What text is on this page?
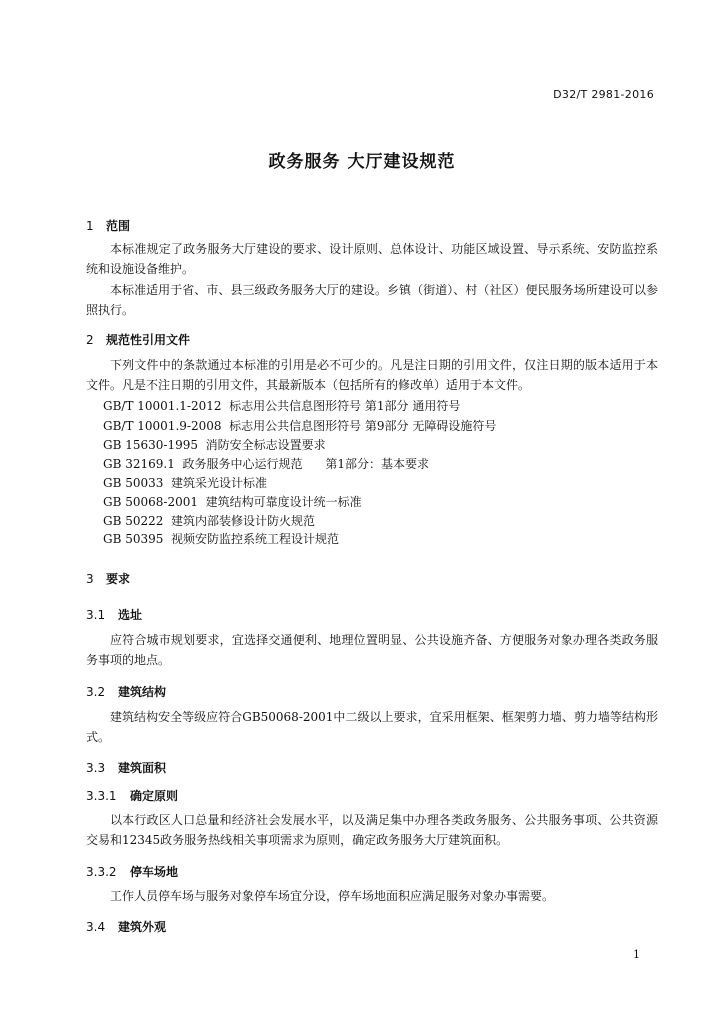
D32/T 2981-2016
政务服务 大厅建设规范
1 范围
本标准规定了政务服务大厅建设的要求、设计原则、总体设计、功能区域设置、导示系统、安防监控系统和设施设备维护。
本标准适用于省、市、县三级政务服务大厅的建设。乡镇（街道）、村（社区）便民服务场所建设可以参照执行。
2 规范性引用文件
下列文件中的条款通过本标准的引用是必不可少的。凡是注日期的引用文件，仅注日期的版本适用于本文件。凡是不注日期的引用文件，其最新版本（包括所有的修改单）适用于本文件。
GB/T 10001.1-2012  标志用公共信息图形符号 第1部分 通用符号
GB/T 10001.9-2008  标志用公共信息图形符号 第9部分 无障碍设施符号
GB 15630-1995  消防安全标志设置要求
GB 32169.1  政务服务中心运行规范      第1部分：基本要求
GB 50033  建筑采光设计标准
GB 50068-2001  建筑结构可靠度设计统一标准
GB 50222  建筑内部装修设计防火规范
GB 50395  视频安防监控系统工程设计规范
3 要求
3.1 选址
应符合城市规划要求，宜选择交通便利、地理位置明显、公共设施齐备、方便服务对象办理各类政务服务事项的地点。
3.2 建筑结构
建筑结构安全等级应符合GB50068-2001中二级以上要求，宜采用框架、框架剪力墙、剪力墙等结构形式。
3.3 建筑面积
3.3.1 确定原则
以本行政区人口总量和经济社会发展水平，以及满足集中办理各类政务服务、公共服务事项、公共资源交易和12345政务服务热线相关事项需求为原则，确定政务服务大厅建筑面积。
3.3.2 停车场地
工作人员停车场与服务对象停车场宜分设，停车场地面积应满足服务对象办事需要。
3.4 建筑外观
1
